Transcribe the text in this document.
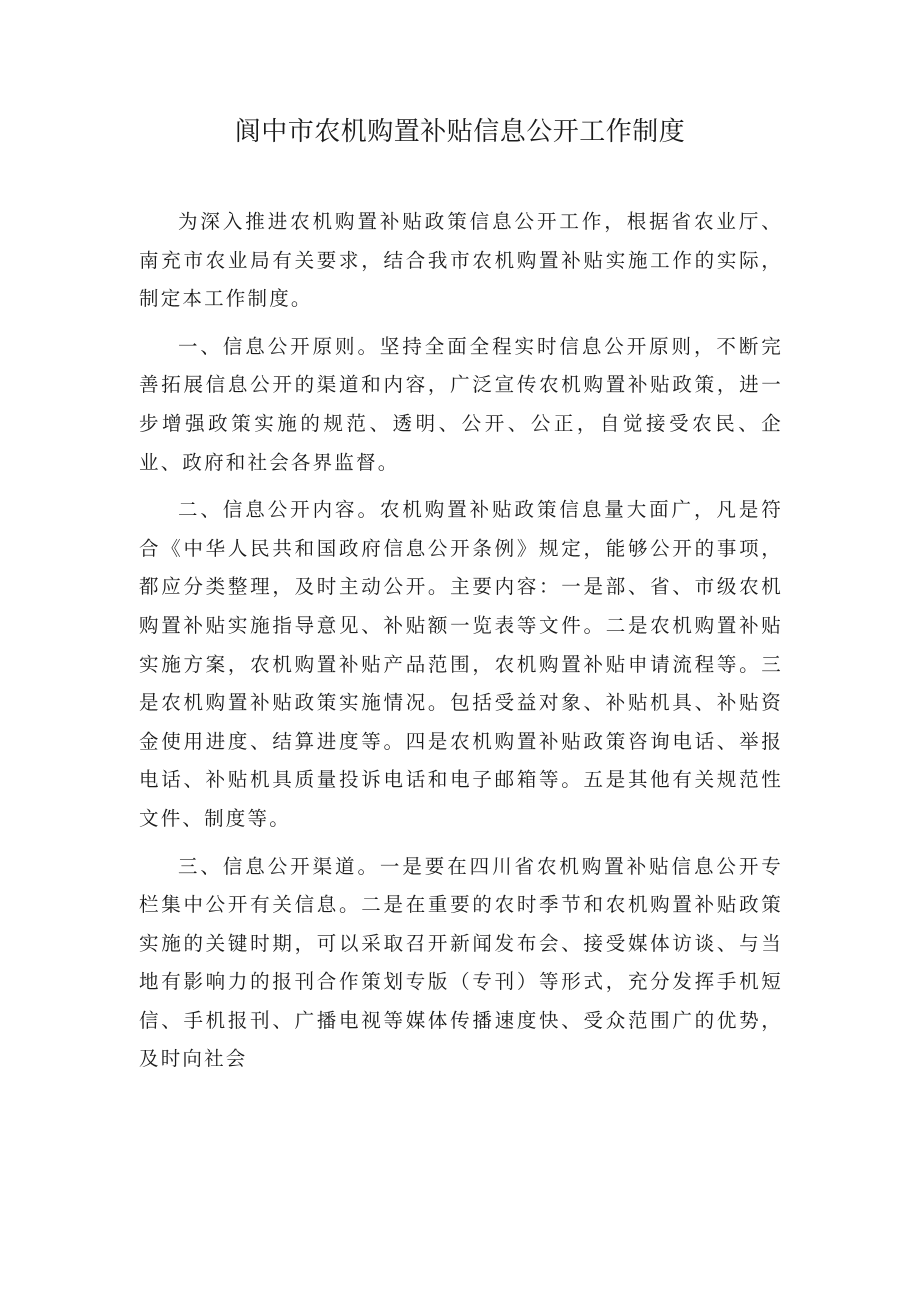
阆中市农机购置补贴信息公开工作制度

为深入推进农机购置补贴政策信息公开工作，根据省农业厅、南充市农业局有关要求，结合我市农机购置补贴实施工作的实际，制定本工作制度。

一、信息公开原则。坚持全面全程实时信息公开原则，不断完善拓展信息公开的渠道和内容，广泛宣传农机购置补贴政策，进一步增强政策实施的规范、透明、公开、公正，自觉接受农民、企业、政府和社会各界监督。

二、信息公开内容。农机购置补贴政策信息量大面广，凡是符合《中华人民共和国政府信息公开条例》规定，能够公开的事项，都应分类整理，及时主动公开。主要内容：一是部、省、市级农机购置补贴实施指导意见、补贴额一览表等文件。二是农机购置补贴实施方案，农机购置补贴产品范围，农机购置补贴申请流程等。三是农机购置补贴政策实施情况。包括受益对象、补贴机具、补贴资金使用进度、结算进度等。四是农机购置补贴政策咨询电话、举报电话、补贴机具质量投诉电话和电子邮箱等。五是其他有关规范性文件、制度等。

三、信息公开渠道。一是要在四川省农机购置补贴信息公开专栏集中公开有关信息。二是在重要的农时季节和农机购置补贴政策实施的关键时期，可以采取召开新闻发布会、接受媒体访谈、与当地有影响力的报刊合作策划专版（专刊）等形式，充分发挥手机短信、手机报刊、广播电视等媒体传播速度快、受众范围广的优势，及时向社会
